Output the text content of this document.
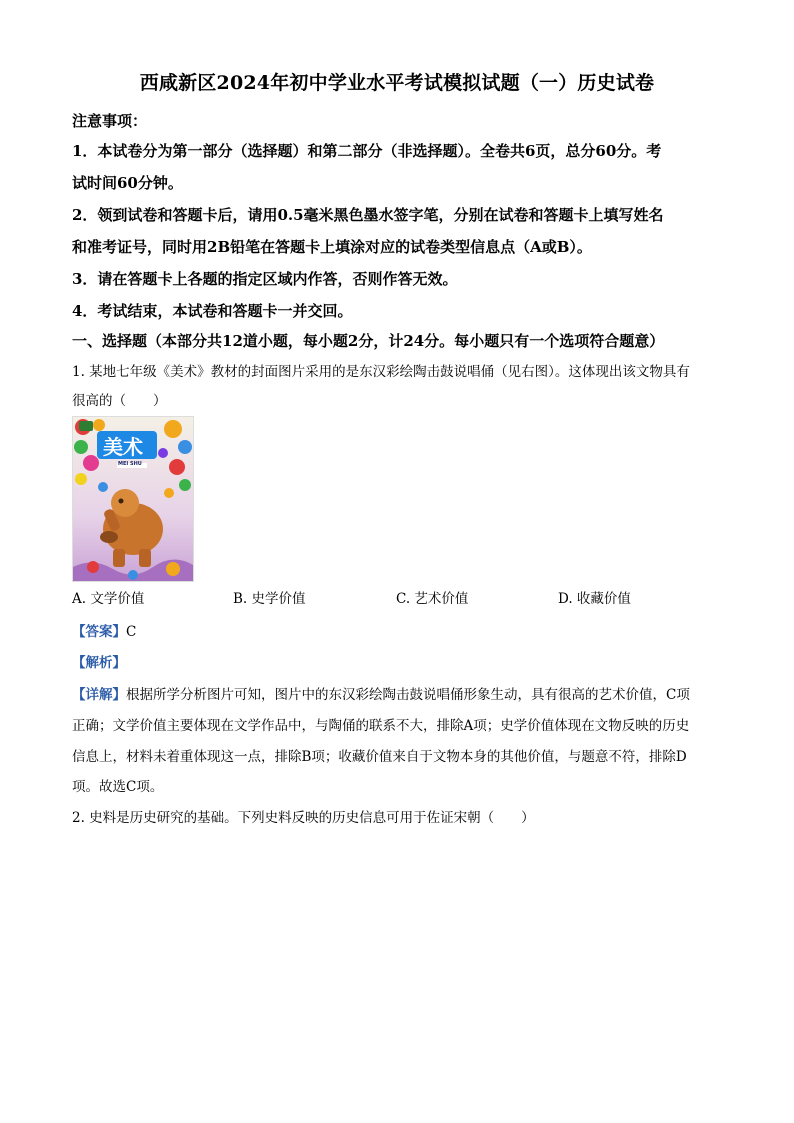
西咸新区2024年初中学业水平考试模拟试题（一）历史试卷
注意事项：
1．本试卷分为第一部分（选择题）和第二部分（非选择题）。全卷共6页，总分60分。考
试时间60分钟。
2．领到试卷和答题卡后，请用0.5毫米黑色墨水签字笔，分别在试卷和答题卡上填写姓名
和准考证号，同时用2B铅笔在答题卡上填涂对应的试卷类型信息点（A或B）。
3．请在答题卡上各题的指定区域内作答，否则作答无效。
4．考试结束，本试卷和答题卡一并交回。
一、选择题（本部分共12道小题，每小题2分，计24分。每小题只有一个选项符合题意）
1. 某地七年级《美术》教材的封面图片采用的是东汉彩绘陶击鼓说唱俑（见右图）。这体现出该文物具有
很高的（　　）
美术
MEI SHU
A. 文学价值	B. 史学价值	C. 艺术价值	D. 收藏价值
【答案】C
【解析】
【详解】根据所学分析图片可知，图片中的东汉彩绘陶击鼓说唱俑形象生动，具有很高的艺术价值，C项
正确；文学价值主要体现在文学作品中，与陶俑的联系不大，排除A项；史学价值体现在文物反映的历史
信息上，材料未着重体现这一点，排除B项；收藏价值来自于文物本身的其他价值，与题意不符，排除D
项。故选C项。
2. 史料是历史研究的基础。下列史料反映的历史信息可用于佐证宋朝（　　）
